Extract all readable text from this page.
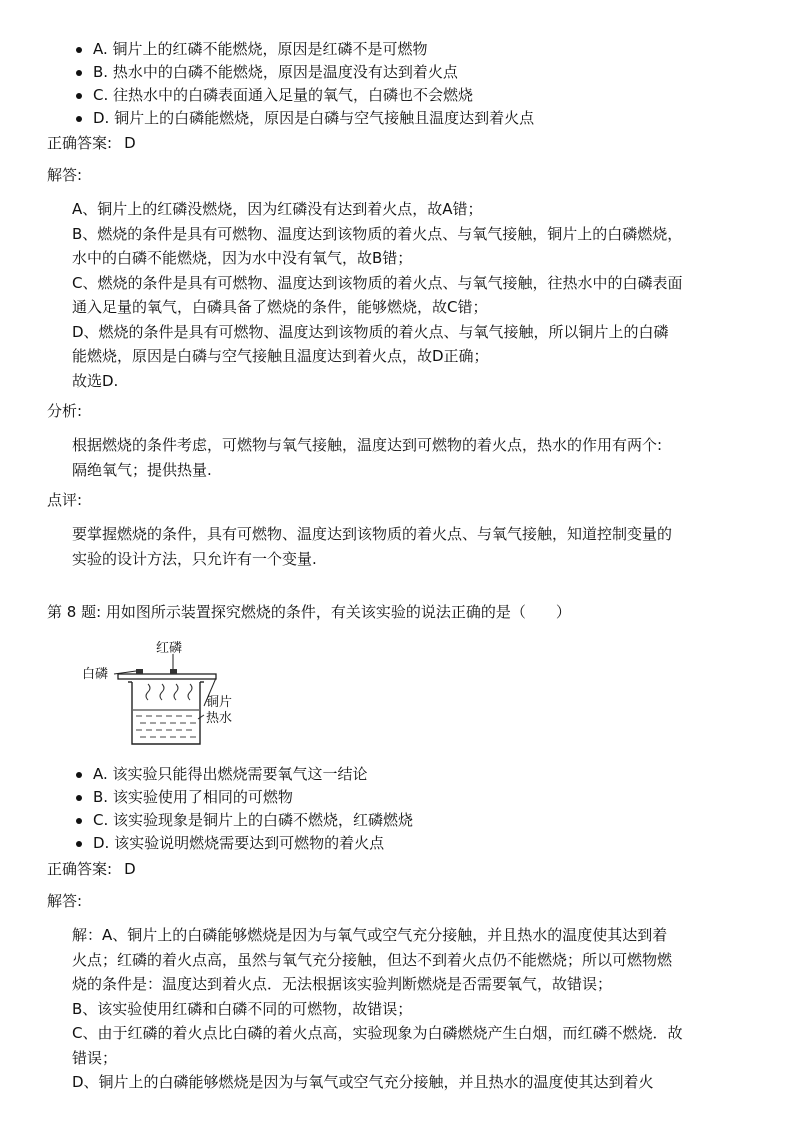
A. 铜片上的红磷不能燃烧，原因是红磷不是可燃物
B. 热水中的白磷不能燃烧，原因是温度没有达到着火点
C. 往热水中的白磷表面通入足量的氧气，白磷也不会燃烧
D. 铜片上的白磷能燃烧，原因是白磷与空气接触且温度达到着火点
正确答案: D
解答:

A、铜片上的红磷没燃烧，因为红磷没有达到着火点，故A错；

B、燃烧的条件是具有可燃物、温度达到该物质的着火点、与氧气接触，铜片上的白磷燃烧，

水中的白磷不能燃烧，因为水中没有氧气，故B错；

C、燃烧的条件是具有可燃物、温度达到该物质的着火点、与氧气接触，往热水中的白磷表面

通入足量的氧气，白磷具备了燃烧的条件，能够燃烧，故C错；

D、燃烧的条件是具有可燃物、温度达到该物质的着火点、与氧气接触，所以铜片上的白磷

能燃烧，原因是白磷与空气接触且温度达到着火点，故D正确；

故选D.

分析:

根据燃烧的条件考虑，可燃物与氧气接触，温度达到可燃物的着火点，热水的作用有两个:

隔绝氧气；提供热量.

点评:

要掌握燃烧的条件，具有可燃物、温度达到该物质的着火点、与氧气接触，知道控制变量的

实验的设计方法，只允许有一个变量.

第 8 题: 用如图所示装置探究燃烧的条件，有关该实验的说法正确的是（　　）
红磷
白磷
铜片
热水
A. 该实验只能得出燃烧需要氧气这一结论
B. 该实验使用了相同的可燃物
C. 该实验现象是铜片上的白磷不燃烧，红磷燃烧
D. 该实验说明燃烧需要达到可燃物的着火点
正确答案: D
解答:

解：A、铜片上的白磷能够燃烧是因为与氧气或空气充分接触，并且热水的温度使其达到着

火点；红磷的着火点高，虽然与氧气充分接触，但达不到着火点仍不能燃烧；所以可燃物燃

烧的条件是：温度达到着火点．无法根据该实验判断燃烧是否需要氧气，故错误；

B、该实验使用红磷和白磷不同的可燃物，故错误；

C、由于红磷的着火点比白磷的着火点高，实验现象为白磷燃烧产生白烟，而红磷不燃烧．故

错误；

D、铜片上的白磷能够燃烧是因为与氧气或空气充分接触，并且热水的温度使其达到着火
